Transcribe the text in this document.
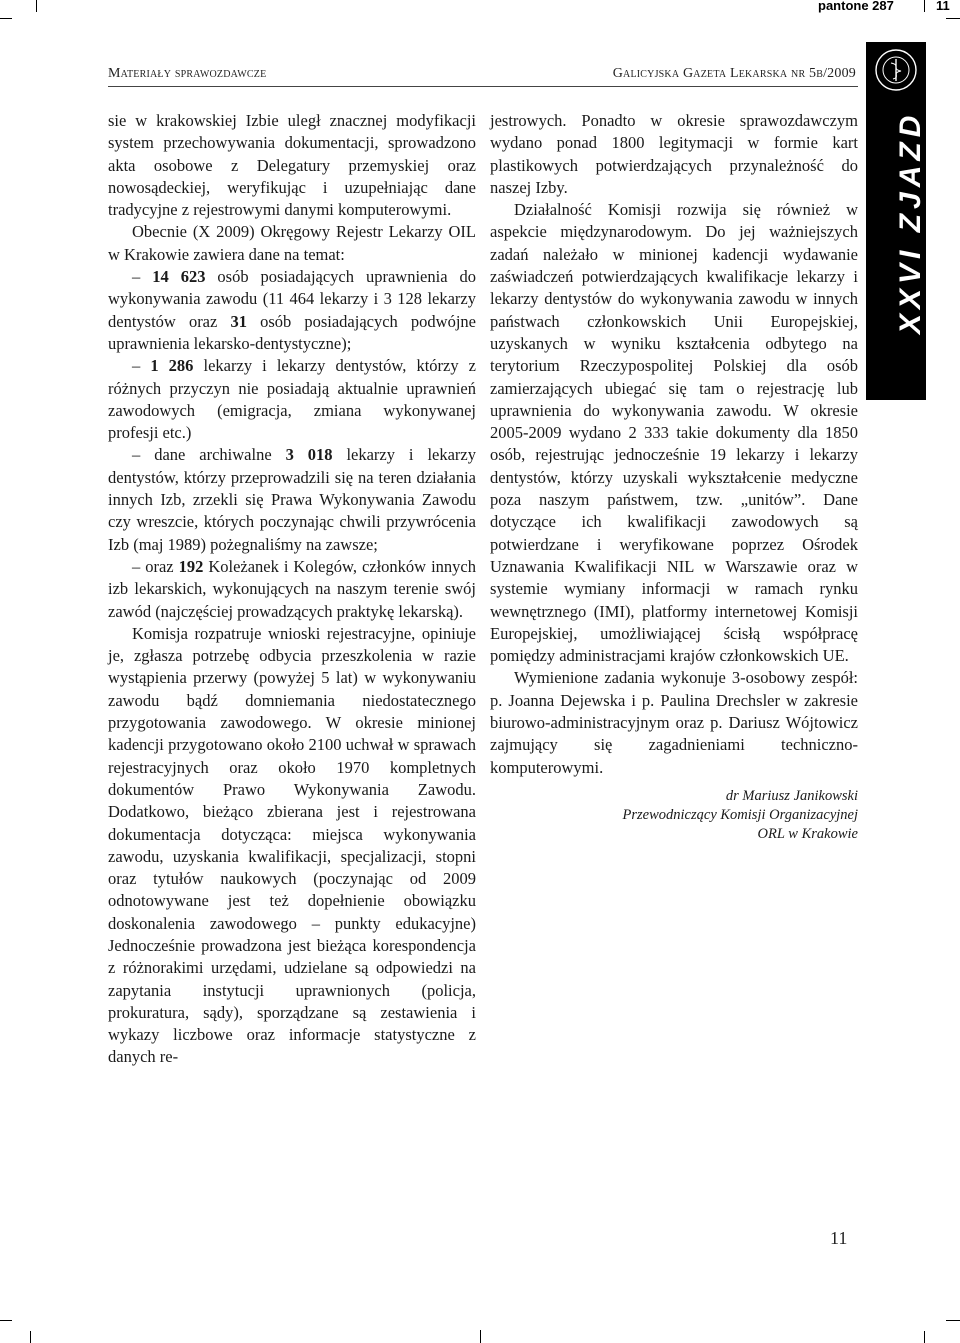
pantone 287	11
Materiały sprawozdawcze	Galicyjska Gazeta Lekarska nr 5b/2009
XXVI ZJAZD

sie w krakowskiej Izbie uległ znacznej modyfikacji system przechowywania dokumentacji, sprowadzono akta osobowe z Delegatury przemyskiej oraz nowosądeckiej, weryfikując i uzupełniając dane tradycyjne z rejestrowymi danymi komputerowymi.

Obecnie (X 2009) Okręgowy Rejestr Lekarzy OIL w Krakowie zawiera dane na temat:

– 14 623 osób posiadających uprawnienia do wykonywania zawodu (11 464 lekarzy i 3 128 lekarzy dentystów oraz 31 osób posiadających podwójne uprawnienia lekarsko-dentystyczne);

– 1 286 lekarzy i lekarzy dentystów, którzy z różnych przyczyn nie posiadają aktualnie uprawnień zawodowych (emigracja, zmiana wykonywanej profesji etc.)

– dane archiwalne 3 018 lekarzy i lekarzy dentystów, którzy przeprowadzili się na teren działania innych Izb, zrzekli się Prawa Wykonywania Zawodu czy wreszcie, których poczynając chwili przywrócenia Izb (maj 1989) pożegnaliśmy na zawsze;

– oraz 192 Koleżanek i Kolegów, członków innych izb lekarskich, wykonujących na naszym terenie swój zawód (najczęściej prowadzących praktykę lekarską).

Komisja rozpatruje wnioski rejestracyjne, opiniuje je, zgłasza potrzebę odbycia przeszkolenia w razie wystąpienia przerwy (powyżej 5 lat) w wykonywaniu zawodu bądź domniemania niedostatecznego przygotowania zawodowego. W okresie minionej kadencji przygotowano około 2100 uchwał w sprawach rejestracyjnych oraz około 1970 kompletnych dokumentów Prawo Wykonywania Zawodu. Dodatkowo, bieżąco zbierana jest i rejestrowana dokumentacja dotycząca: miejsca wykonywania zawodu, uzyskania kwalifikacji, specjalizacji, stopni oraz tytułów naukowych (poczynając od 2009 odnotowywane jest też dopełnienie obowiązku doskonalenia zawodowego – punkty edukacyjne) Jednocześnie prowadzona jest bieżąca korespondencja z różnorakimi urzędami, udzielane są odpowiedzi na zapytania instytucji uprawnionych (policja, prokuratura, sądy), sporządzane są zestawienia i wykazy liczbowe oraz informacje statystyczne z danych re-

jestrowych. Ponadto w okresie sprawozdawczym wydano ponad 1800 legitymacji w formie kart plastikowych potwierdzających przynależność do naszej Izby.

Działalność Komisji rozwija się również w aspekcie międzynarodowym. Do jej ważniejszych zadań należało w minionej kadencji wydawanie zaświadczeń potwierdzających kwalifikacje lekarzy i lekarzy dentystów do wykonywania zawodu w innych państwach członkowskich Unii Europejskiej, uzyskanych w wyniku kształcenia odbytego na terytorium Rzeczypospolitej Polskiej dla osób zamierzających ubiegać się tam o rejestrację lub uprawnienia do wykonywania zawodu. W okresie 2005-2009 wydano 2 333 takie dokumenty dla 1850 osób, rejestrując jednocześnie 19 lekarzy i lekarzy dentystów, którzy uzyskali wykształcenie medyczne poza naszym państwem, tzw. „unitów”. Dane dotyczące ich kwalifikacji zawodowych są potwierdzane i weryfikowane poprzez Ośrodek Uznawania Kwalifikacji NIL w Warszawie oraz w systemie wymiany informacji w ramach rynku wewnętrznego (IMI), platformy internetowej Komisji Europejskiej, umożliwiającej ścisłą współpracę pomiędzy administracjami krajów członkowskich UE.

Wymienione zadania wykonuje 3-osobowy zespół: p. Joanna Dejewska i p. Paulina Drechsler w zakresie biurowo-administracyjnym oraz p. Dariusz Wójtowicz zajmujący się zagadnieniami techniczno-komputerowymi.

dr Mariusz Janikowski
Przewodniczący Komisji Organizacyjnej
ORL w Krakowie
11
